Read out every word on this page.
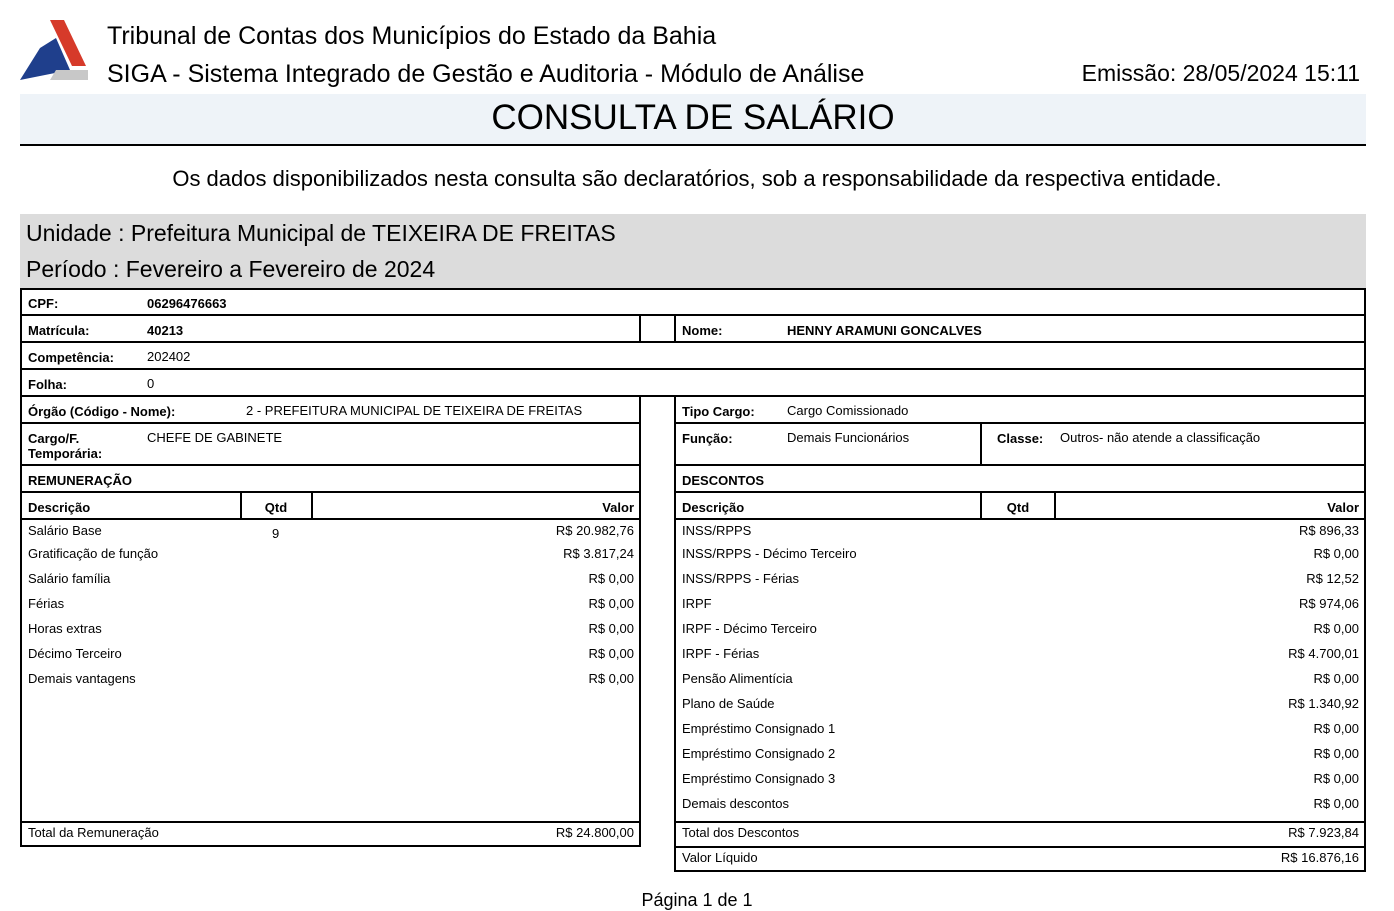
Tribunal de Contas dos Municípios do Estado da Bahia
SIGA - Sistema Integrado de Gestão e Auditoria - Módulo de Análise	Emissão: 28/05/2024 15:11
CONSULTA DE SALÁRIO
Os dados disponibilizados nesta consulta são declaratórios, sob a responsabilidade da respectiva entidade.
Unidade : Prefeitura Municipal de TEIXEIRA DE FREITAS
Período : Fevereiro a Fevereiro de 2024
CPF:	06296476663
Matrícula:	40213	Nome:	HENNY ARAMUNI GONCALVES
Competência:	202402
Folha:	0
Órgão (Código - Nome):	2 - PREFEITURA MUNICIPAL DE TEIXEIRA DE FREITAS	Tipo Cargo: Cargo Comissionado
Cargo/F.
Temporária:
CHEFE DE GABINETE	Função:	Demais Funcionários	Classe: Outros- não atende a classificação
REMUNERAÇÃO
Descrição	Qtd	Valor
Salário Base	9	R$ 20.982,76
Gratificação de função	R$ 3.817,24
Salário família	R$ 0,00
Férias	R$ 0,00
Horas extras	R$ 0,00
Décimo Terceiro	R$ 0,00
Demais vantagens	R$ 0,00
Total da Remuneração	R$ 24.800,00
DESCONTOS
Descrição	Qtd	Valor
INSS/RPPS	R$ 896,33
INSS/RPPS - Décimo Terceiro	R$ 0,00
INSS/RPPS - Férias	R$ 12,52
IRPF	R$ 974,06
IRPF - Décimo Terceiro	R$ 0,00
IRPF - Férias	R$ 4.700,01
Pensão Alimentícia	R$ 0,00
Plano de Saúde	R$ 1.340,92
Empréstimo Consignado 1	R$ 0,00
Empréstimo Consignado 2	R$ 0,00
Empréstimo Consignado 3	R$ 0,00
Demais descontos	R$ 0,00
Total dos Descontos	R$ 7.923,84
Valor Líquido	R$ 16.876,16
Página 1 de 1
